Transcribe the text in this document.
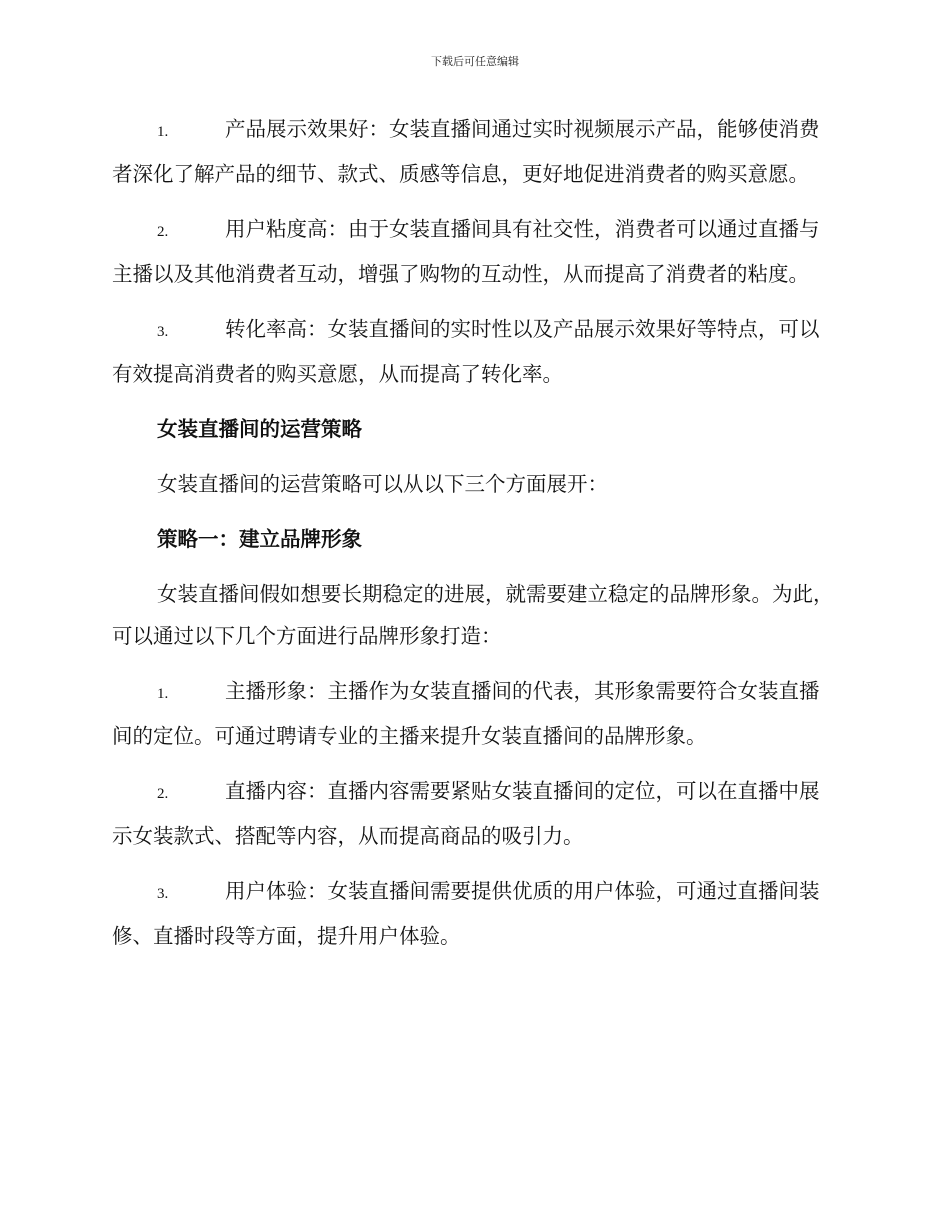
下载后可任意编辑

1.	产品展示效果好：女装直播间通过实时视频展示产品，能够使消费者深化了解产品的细节、款式、质感等信息，更好地促进消费者的购买意愿。

2.	用户粘度高：由于女装直播间具有社交性，消费者可以通过直播与主播以及其他消费者互动，增强了购物的互动性，从而提高了消费者的粘度。

3.	转化率高：女装直播间的实时性以及产品展示效果好等特点，可以有效提高消费者的购买意愿，从而提高了转化率。

女装直播间的运营策略

女装直播间的运营策略可以从以下三个方面展开：

策略一：建立品牌形象

女装直播间假如想要长期稳定的进展，就需要建立稳定的品牌形象。为此，可以通过以下几个方面进行品牌形象打造：

1.	主播形象：主播作为女装直播间的代表，其形象需要符合女装直播间的定位。可通过聘请专业的主播来提升女装直播间的品牌形象。

2.	直播内容：直播内容需要紧贴女装直播间的定位，可以在直播中展示女装款式、搭配等内容，从而提高商品的吸引力。

3.	用户体验：女装直播间需要提供优质的用户体验，可通过直播间装修、直播时段等方面，提升用户体验。
